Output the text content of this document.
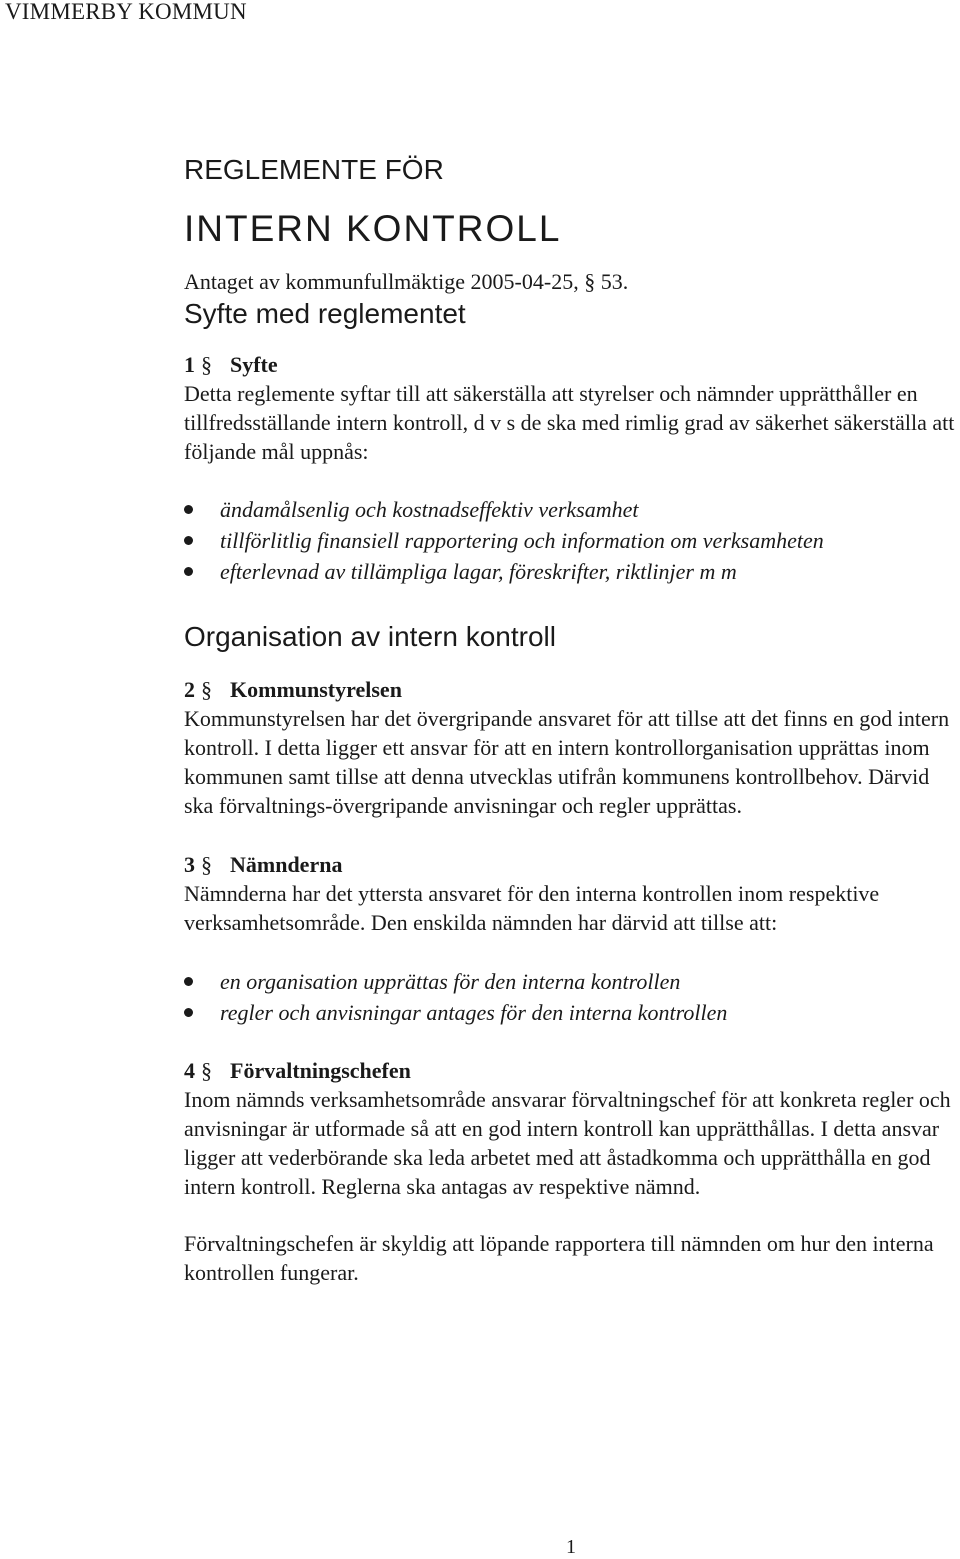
VIMMERBY KOMMUN
REGLEMENTE FÖR
INTERN KONTROLL

Antaget av kommunfullmäktige 2005-04-25, § 53.

Syfte med reglementet

1 § Syfte

Detta reglemente syftar till att säkerställa att styrelser och nämnder upprätthåller en tillfredsställande intern kontroll, d v s de ska med rimlig grad av säkerhet säkerställa att följande mål uppnås:

ändamålsenlig och kostnadseffektiv verksamhet
tillförlitlig finansiell rapportering och information om verksamheten
efterlevnad av tillämpliga lagar, föreskrifter, riktlinjer m m
Organisation av intern kontroll

2 § Kommunstyrelsen

Kommunstyrelsen har det övergripande ansvaret för att tillse att det finns en god intern kontroll. I detta ligger ett ansvar för att en intern kontrollorganisation upprättas inom kommunen samt tillse att denna utvecklas utifrån kommunens kontrollbehov. Därvid ska förvaltnings-övergripande anvisningar och regler upprättas.

3 § Nämnderna

Nämnderna har det yttersta ansvaret för den interna kontrollen inom respektive verksamhetsområde. Den enskilda nämnden har därvid att tillse att:

en organisation upprättas för den interna kontrollen
regler och anvisningar antages för den interna kontrollen

4 § Förvaltningschefen

Inom nämnds verksamhetsområde ansvarar förvaltningschef för att konkreta regler och anvisningar är utformade så att en god intern kontroll kan upprätthållas. I detta ansvar ligger att vederbörande ska leda arbetet med att åstadkomma och upprätthålla en god intern kontroll. Reglerna ska antagas av respektive nämnd.

Förvaltningschefen är skyldig att löpande rapportera till nämnden om hur den interna kontrollen fungerar.

1
